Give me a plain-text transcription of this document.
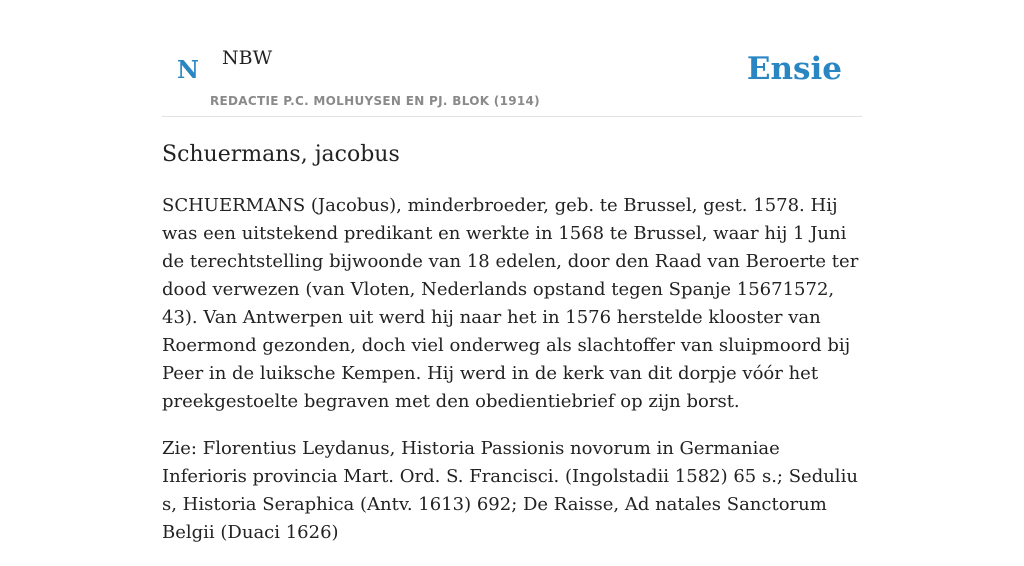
N NBW
REDACTIE P.C. MOLHUYSEN EN PJ. BLOK (1914)
Ensie
Schuermans, jacobus

SCHUERMANS (Jacobus), minderbroeder, geb. te Brussel, gest. 1578. Hij was een uitstekend predikant en werkte in 1568 te Brussel, waar hij 1 Juni de terechtstelling bijwoonde van 18 edelen, door den Raad van Beroerte ter dood verwezen (van Vloten, Nederlands opstand tegen Spanje 15671572, 43). Van Antwerpen uit werd hij naar het in 1576 herstelde klooster van Roermond gezonden, doch viel onderweg als slachtoffer van sluipmoord bij Peer in de luiksche Kempen. Hij werd in de kerk van dit dorpje vóór het preekgestoelte begraven met den obedientiebrief op zijn borst.

Zie: Florentius Leydanus, Historia Passionis novorum in Germaniae Inferioris provincia Mart. Ord. S. Francisci. (Ingolstadii 1582) 65 s.; Seduliu s, Historia Seraphica (Antv. 1613) 692; De Raisse, Ad natales Sanctorum Belgii (Duaci 1626)
